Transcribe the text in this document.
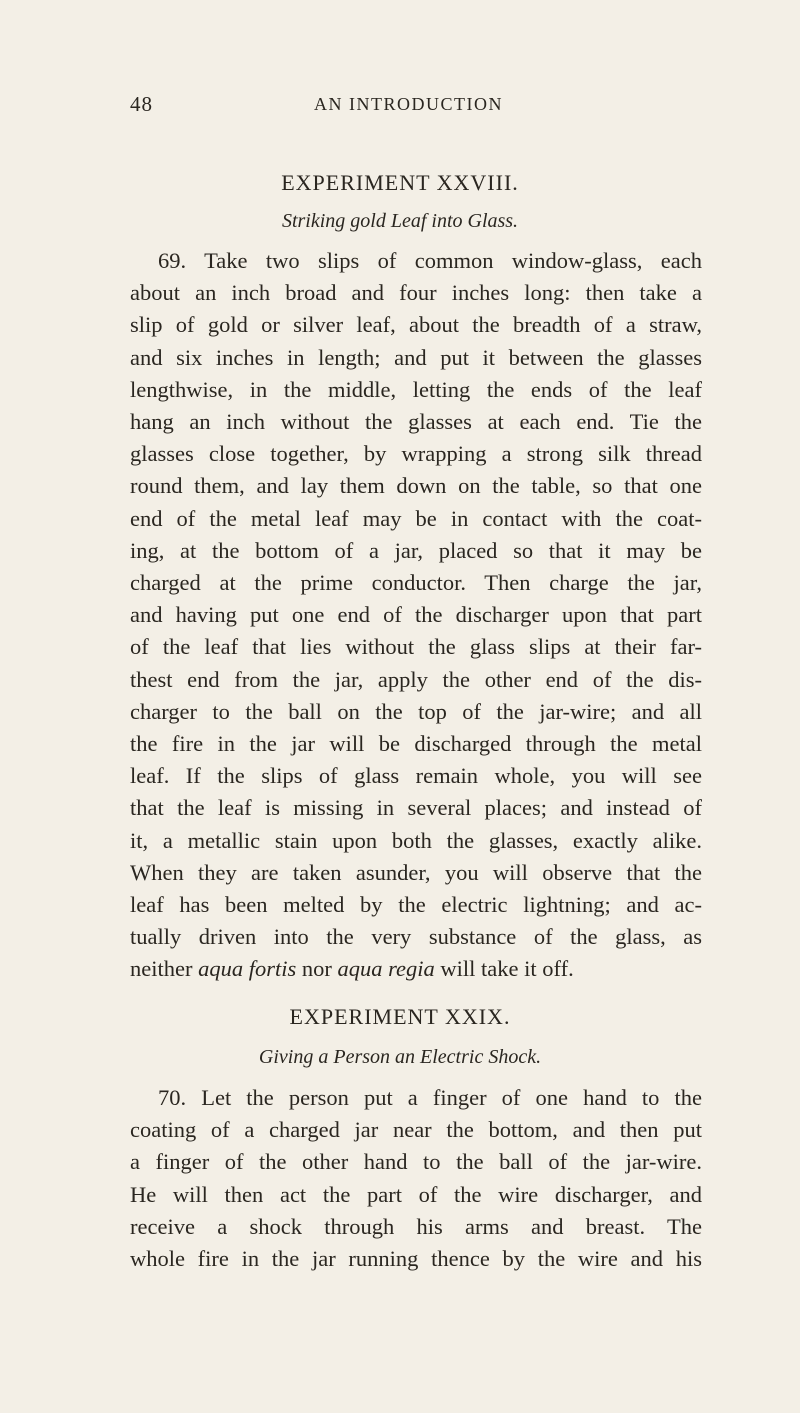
48	AN INTRODUCTION
EXPERIMENT XXVIII.
Striking gold Leaf into Glass.
69. Take two slips of common window-glass, each
about an inch broad and four inches long: then take a
slip of gold or silver leaf, about the breadth of a straw,
and six inches in length; and put it between the glasses
lengthwise, in the middle, letting the ends of the leaf
hang an inch without the glasses at each end. Tie the
glasses close together, by wrapping a strong silk thread
round them, and lay them down on the table, so that one
end of the metal leaf may be in contact with the coat-
ing, at the bottom of a jar, placed so that it may be
charged at the prime conductor. Then charge the jar,
and having put one end of the discharger upon that part
of the leaf that lies without the glass slips at their far-
thest end from the jar, apply the other end of the dis-
charger to the ball on the top of the jar-wire; and all
the fire in the jar will be discharged through the metal
leaf. If the slips of glass remain whole, you will see
that the leaf is missing in several places; and instead of
it, a metallic stain upon both the glasses, exactly alike.
When they are taken asunder, you will observe that the
leaf has been melted by the electric lightning; and ac-
tually driven into the very substance of the glass, as
neither aqua fortis nor aqua regia will take it off.
EXPERIMENT XXIX.
Giving a Person an Electric Shock.
70. Let the person put a finger of one hand to the
coating of a charged jar near the bottom, and then put
a finger of the other hand to the ball of the jar-wire.
He will then act the part of the wire discharger, and
receive a shock through his arms and breast. The
whole fire in the jar running thence by the wire and his
